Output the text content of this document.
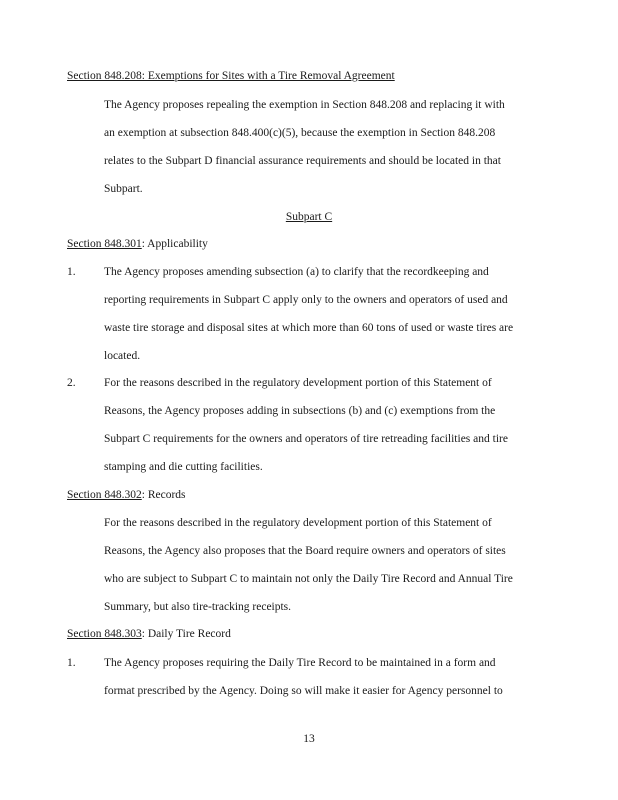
Section 848.208: Exemptions for Sites with a Tire Removal Agreement
The Agency proposes repealing the exemption in Section 848.208 and replacing it with
an exemption at subsection 848.400(c)(5), because the exemption in Section 848.208
relates to the Subpart D financial assurance requirements and should be located in that
Subpart.
Subpart C
Section 848.301: Applicability
1. The Agency proposes amending subsection (a) to clarify that the recordkeeping and
reporting requirements in Subpart C apply only to the owners and operators of used and
waste tire storage and disposal sites at which more than 60 tons of used or waste tires are
located.
2. For the reasons described in the regulatory development portion of this Statement of
Reasons, the Agency proposes adding in subsections (b) and (c) exemptions from the
Subpart C requirements for the owners and operators of tire retreading facilities and tire
stamping and die cutting facilities.
Section 848.302: Records
For the reasons described in the regulatory development portion of this Statement of
Reasons, the Agency also proposes that the Board require owners and operators of sites
who are subject to Subpart C to maintain not only the Daily Tire Record and Annual Tire
Summary, but also tire-tracking receipts.
Section 848.303: Daily Tire Record
1. The Agency proposes requiring the Daily Tire Record to be maintained in a form and
format prescribed by the Agency. Doing so will make it easier for Agency personnel to
13
